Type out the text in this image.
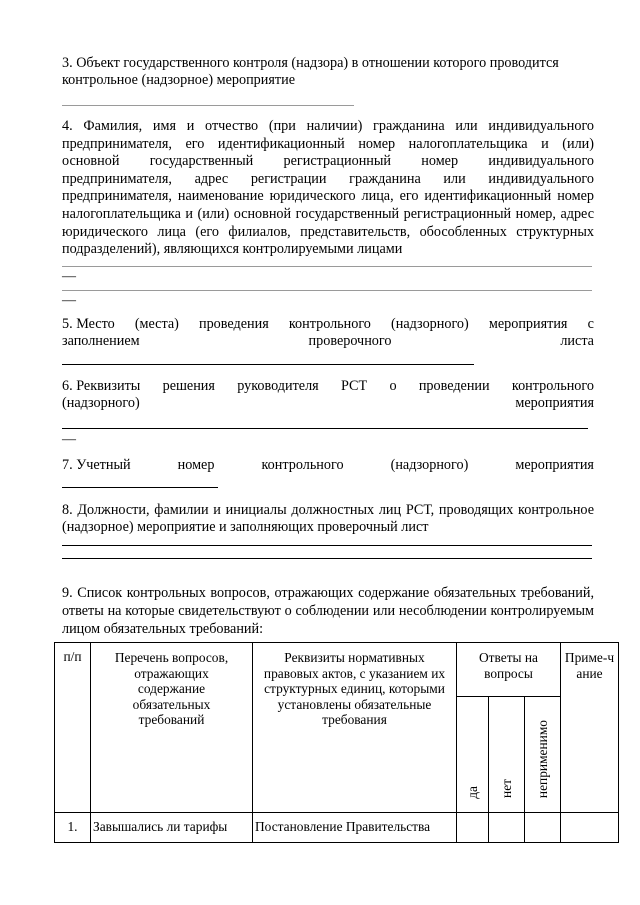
3. Объект государственного контроля (надзора) в отношении которого проводится
контрольное (надзорное) мероприятие

4. Фамилия, имя и отчество (при наличии) гражданина или индивидуального предпринимателя, его идентификационный номер налогоплательщика и (или) основной государственный регистрационный номер индивидуального предпринимателя, адрес регистрации гражданина или индивидуального предпринимателя, наименование юридического лица, его идентификационный номер налогоплательщика и (или) основной государственный регистрационный номер, адрес юридического лица (его филиалов, представительств, обособленных структурных подразделений), являющихся контролируемыми лицами

—
—
5. Место (места) проведения контрольного (надзорного) мероприятия с
заполнением	проверочного	листа
6. Реквизиты решения руководителя РСТ о проведении контрольного
(надзорного)	мероприятия
—
7. Учетный	номер	контрольного	(надзорного)	мероприятия

8. Должности, фамилии и инициалы должностных лиц РСТ, проводящих контрольное (надзорное) мероприятие и заполняющих проверочный лист

9. Список контрольных вопросов, отражающих содержание обязательных требований, ответы на которые свидетельствуют о соблюдении или несоблюдении контролируемым лицом обязательных требований:

п/п	Перечень вопросов, отражающих содержание обязательных требований	Реквизиты нормативных правовых актов, с указанием их структурных единиц, которыми установлены обязательные требования	Ответы на вопросы			Приме-чание
			да	нет	неприменимо	
1.	Завышались ли тарифы	Постановление Правительства				
